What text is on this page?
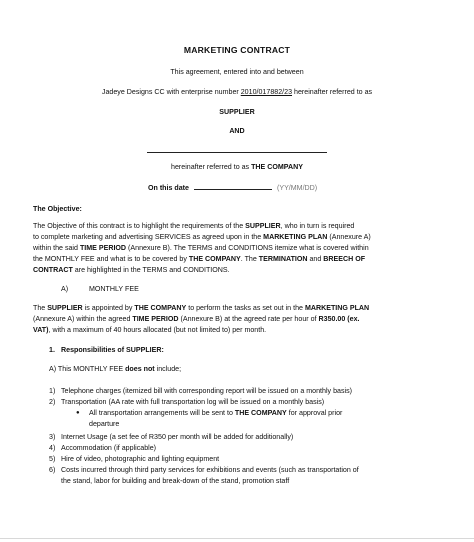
MARKETING CONTRACT
This agreement, entered into and between
Jadeye Designs CC with enterprise number 2010/017882/23 hereinafter referred to as
SUPPLIER
AND
hereinafter referred to as THE COMPANY
On this date	(YY/MM/DD)
The Objective:
The Objective of this contract is to highlight the requirements of the SUPPLIER, who in turn is required
to complete marketing and advertising SERVICES as agreed upon in the MARKETING PLAN (Annexure A)
within the said TIME PERIOD (Annexure B). The TERMS and CONDITIONS itemize what is covered within
the MONTHLY FEE and what is to be covered by THE COMPANY. The TERMINATION and BREECH OF
CONTRACT are highlighted in the TERMS and CONDITIONS.
A)	MONTHLY FEE
The SUPPLIER is appointed by THE COMPANY to perform the tasks as set out in the MARKETING PLAN
(Annexure A) within the agreed TIME PERIOD (Annexure B) at the agreed rate per hour of R350.00 (ex.
VAT), with a maximum of 40 hours allocated (but not limited to) per month.
1. Responsibilities of SUPPLIER:
A) This MONTHLY FEE does not include;
1) Telephone charges (itemized bill with corresponding report will be issued on a monthly basis)
2) Transportation (AA rate with full transportation log will be issued on a monthly basis)
● All transportation arrangements will be sent to THE COMPANY for approval prior
departure
3) Internet Usage (a set fee of R350 per month will be added for additionally)
4) Accommodation (if applicable)
5) Hire of video, photographic and lighting equipment
6) Costs incurred through third party services for exhibitions and events (such as transportation of
the stand, labor for building and break-down of the stand, promotion staff
